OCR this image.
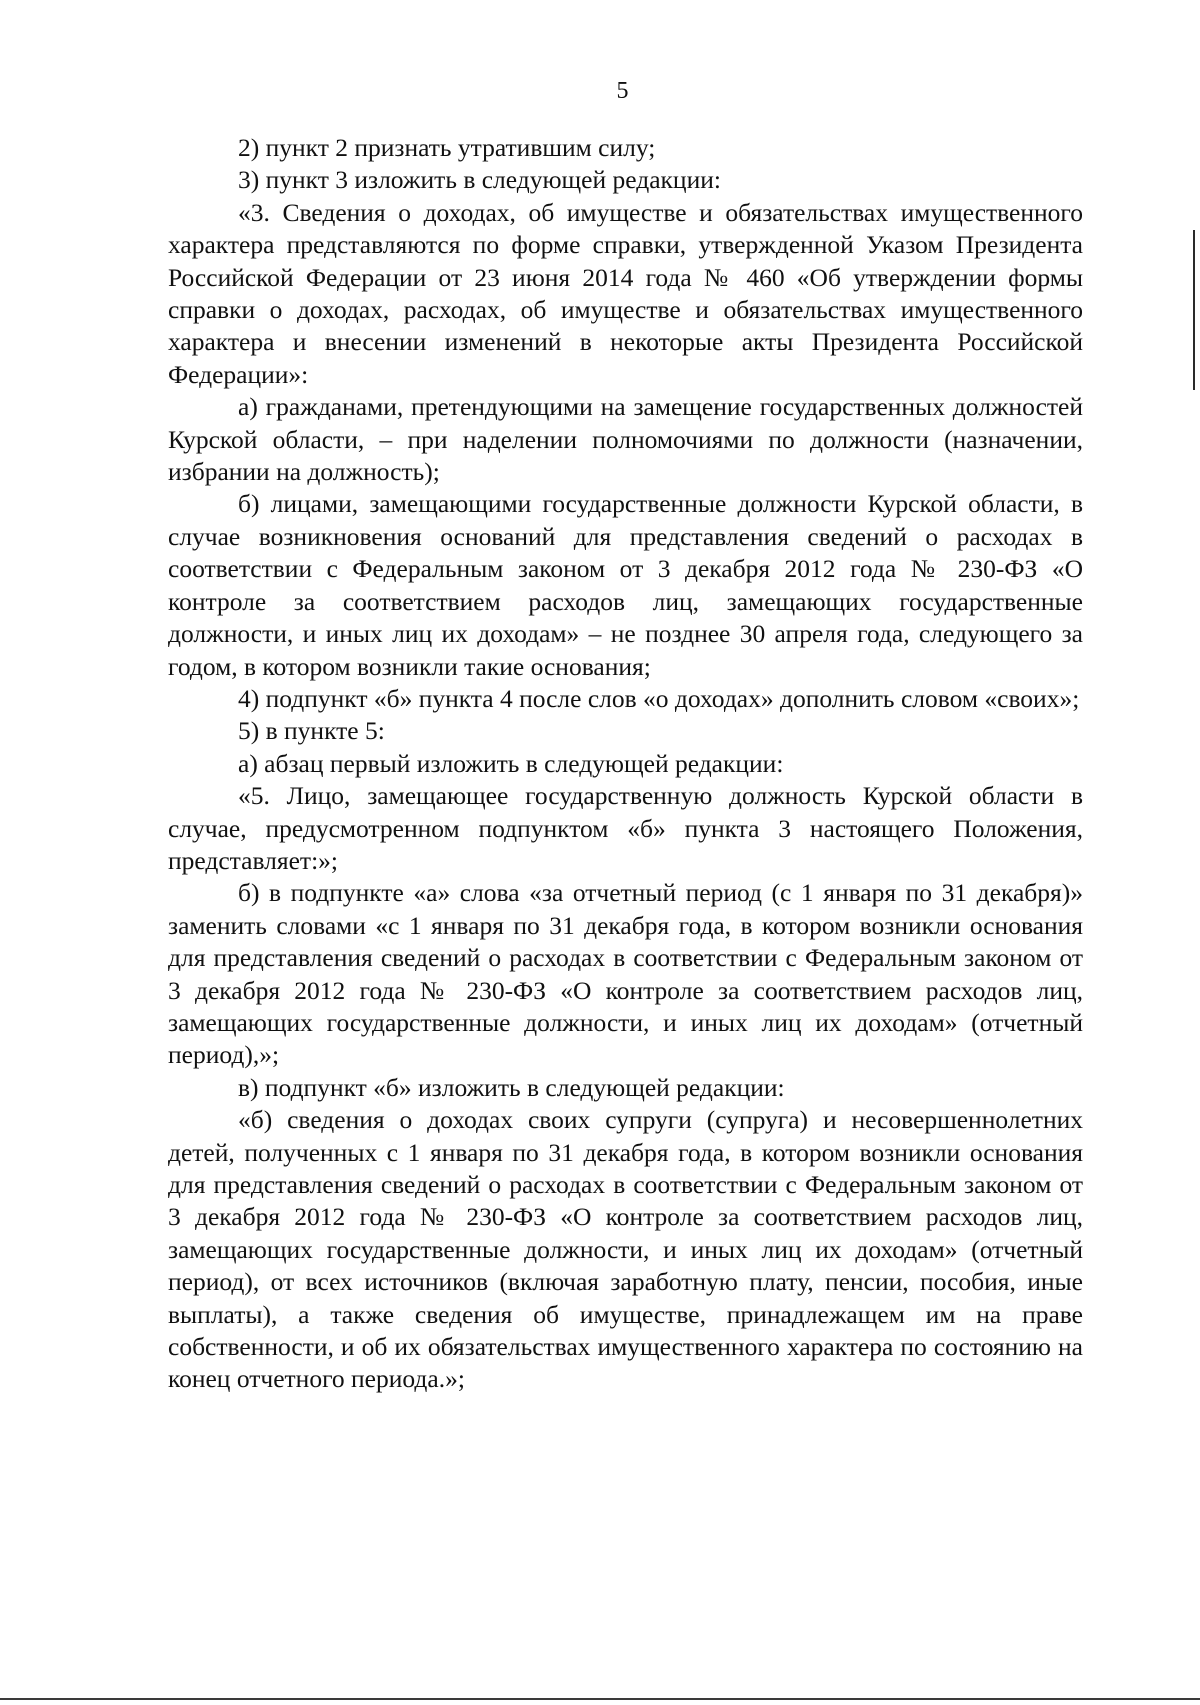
5

2) пункт 2 признать утратившим силу;

3) пункт 3 изложить в следующей редакции:

«3. Сведения о доходах, об имуществе и обязательствах имущественного характера представляются по форме справки, утвержденной Указом Президента Российской Федерации от 23 июня 2014 года № 460 «Об утверждении формы справки о доходах, расходах, об имуществе и обязательствах имущественного характера и внесении изменений в некоторые акты Президента Российской Федерации»:

а) гражданами, претендующими на замещение государственных должностей Курской области, – при наделении полномочиями по должности (назначении, избрании на должность);

б) лицами, замещающими государственные должности Курской области, в случае возникновения оснований для представления сведений о расходах в соответствии с Федеральным законом от 3 декабря 2012 года № 230-ФЗ «О контроле за соответствием расходов лиц, замещающих государственные должности, и иных лиц их доходам» – не позднее 30 апреля года, следующего за годом, в котором возникли такие основания;

4) подпункт «б» пункта 4 после слов «о доходах» дополнить словом «своих»;

5) в пункте 5:

а) абзац первый изложить в следующей редакции:

«5. Лицо, замещающее государственную должность Курской области в случае, предусмотренном подпунктом «б» пункта 3 настоящего Положения, представляет:»;

б) в подпункте «а» слова «за отчетный период (с 1 января по 31 декабря)» заменить словами «с 1 января по 31 декабря года, в котором возникли основания для представления сведений о расходах в соответствии с Федеральным законом от 3 декабря 2012 года № 230-ФЗ «О контроле за соответствием расходов лиц, замещающих государственные должности, и иных лиц их доходам» (отчетный период),»;

в) подпункт «б» изложить в следующей редакции:

«б) сведения о доходах своих супруги (супруга) и несовершеннолетних детей, полученных с 1 января по 31 декабря года, в котором возникли основания для представления сведений о расходах в соответствии с Федеральным законом от 3 декабря 2012 года № 230-ФЗ «О контроле за соответствием расходов лиц, замещающих государственные должности, и иных лиц их доходам» (отчетный период), от всех источников (включая заработную плату, пенсии, пособия, иные выплаты), а также сведения об имуществе, принадлежащем им на праве собственности, и об их обязательствах имущественного характера по состоянию на конец отчетного периода.»;
